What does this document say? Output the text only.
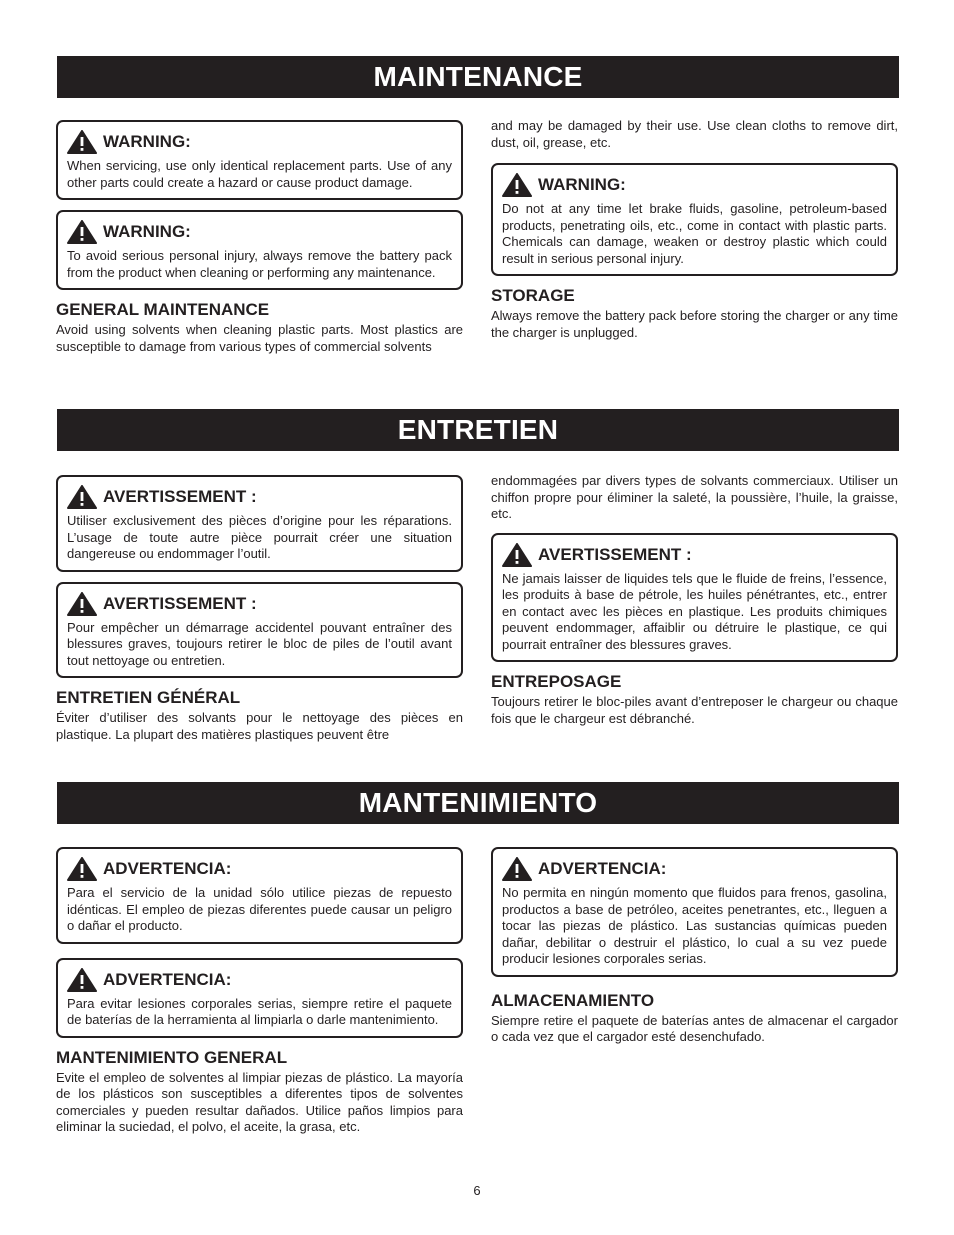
MAINTENANCE
WARNING:
When servicing, use only identical replacement parts. Use of any other parts could create a hazard or cause product damage.
WARNING:
To avoid serious personal injury, always remove the battery pack from the product when cleaning or performing any maintenance.
GENERAL MAINTENANCE
Avoid using solvents when cleaning plastic parts. Most plastics are susceptible to damage from various types of commercial solvents
and may be damaged by their use. Use clean cloths to remove dirt, dust, oil, grease, etc.
WARNING:
Do not at any time let brake fluids, gasoline, petroleum-based products, penetrating oils, etc., come in contact with plastic parts. Chemicals can damage, weaken or destroy plastic which could result in serious personal injury.
STORAGE
Always remove the battery pack before storing the charger or any time the charger is unplugged.
ENTRETIEN
AVERTISSEMENT :
Utiliser exclusivement des pièces d’origine pour les réparations. L’usage de toute autre pièce pourrait créer une situation dangereuse ou endommager l’outil.
AVERTISSEMENT :
Pour empêcher un démarrage accidentel pouvant entraîner des blessures graves, toujours retirer le bloc de piles de l’outil avant tout nettoyage ou entretien.
ENTRETIEN GÉNÉRAL
Éviter d’utiliser des solvants pour le nettoyage des pièces en plastique. La plupart des matières plastiques peuvent être
endommagées par divers types de solvants commerciaux. Utiliser un chiffon propre pour éliminer la saleté, la poussière, l’huile, la graisse, etc.
AVERTISSEMENT :
Ne jamais laisser de liquides tels que le fluide de freins, l’essence, les produits à base de pétrole, les huiles pénétrantes, etc., entrer en contact avec les pièces en plastique. Les produits chimiques peuvent endommager, affaiblir ou détruire le plastique, ce qui pourrait entraîner des blessures graves.
ENTREPOSAGE
Toujours retirer le bloc-piles avant d’entreposer le chargeur ou chaque fois que le chargeur est débranché.
MANTENIMIENTO
ADVERTENCIA:
Para el servicio de la unidad sólo utilice piezas de repuesto idénticas. El empleo de piezas diferentes puede causar un peligro o dañar el producto.
ADVERTENCIA:
Para evitar lesiones corporales serias, siempre retire el paquete de baterías de la herramienta al limpiarla o darle mantenimiento.
MANTENIMIENTO GENERAL
Evite el empleo de solventes al limpiar piezas de plástico. La mayoría de los plásticos son susceptibles a diferentes tipos de solventes comerciales y pueden resultar dañados. Utilice paños limpios para eliminar la suciedad, el polvo, el aceite, la grasa, etc.
ADVERTENCIA:
No permita en ningún momento que fluidos para frenos, gasolina, productos a base de petróleo, aceites penetrantes, etc., lleguen a tocar las piezas de plástico. Las sustancias químicas pueden dañar, debilitar o destruir el plástico, lo cual a su vez puede producir lesiones corporales serias.
ALMACENAMIENTO
Siempre retire el paquete de baterías antes de almacenar el cargador o cada vez que el cargador esté desenchufado.
6
